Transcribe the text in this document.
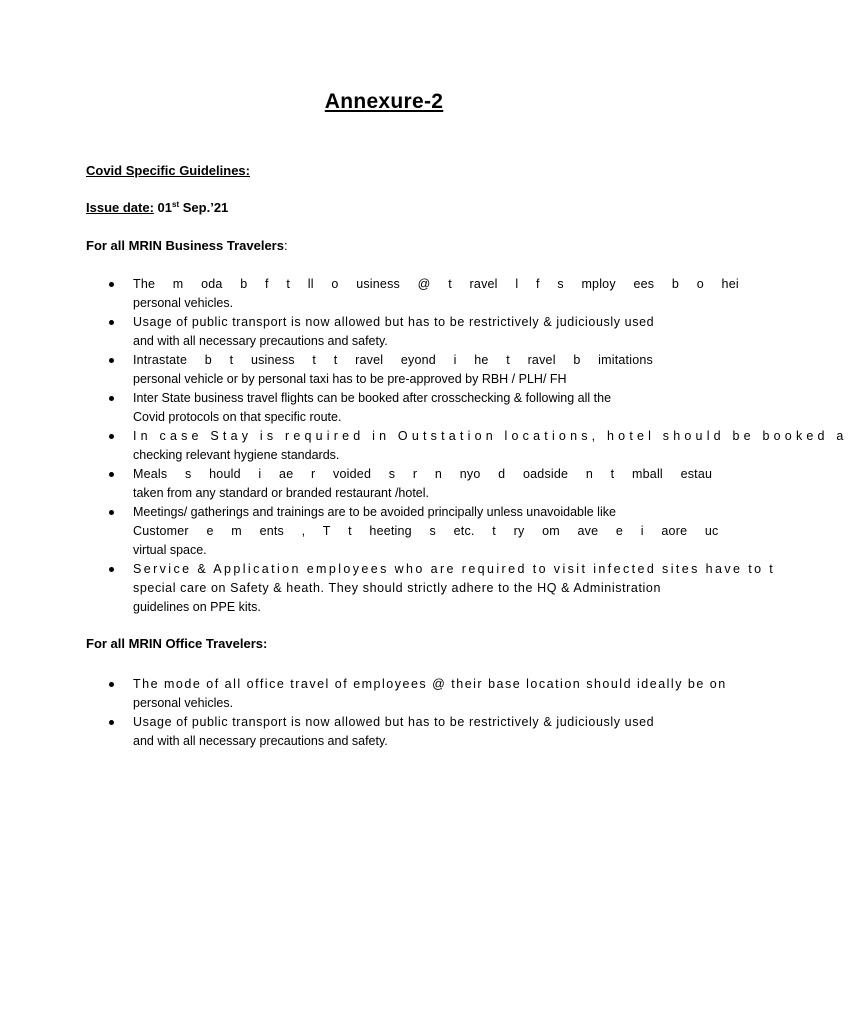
Annexure-2
Covid Specific Guidelines:
Issue date: 01st Sep.’21
For all MRIN Business Travelers:
The m oda b f t ll o usiness @ t ravel l f s mploy ees b o hei
personal vehicles.
Usage of public transport is now allowed but has to be restrictively & judiciously used
and with all necessary precautions and safety.
Intrastate b t usiness t t ravel eyond i he t ravel b imitations
personal vehicle or by personal taxi has to be pre-approved by RBH / PLH/ FH
Inter State business travel flights can be booked after crosschecking & following all the
Covid protocols on that specific route.
In case Stay is required in Outstation locations, hotel should be booked a
checking relevant hygiene standards.
Meals s hould i ae r voided s r n nyo d oadside n t mball estau
taken from any standard or branded restaurant /hotel.
Meetings/ gatherings and trainings are to be avoided principally unless unavoidable like
Customer e m ents , T t heeting s etc. t ry om ave e i aore uc
virtual space.
Service & Application employees who are required to visit infected sites have to t
special care on Safety & heath. They should strictly adhere to the HQ & Administration
guidelines on PPE kits.
For all MRIN Office Travelers:
The mode of all office travel of employees @ their base location should ideally be on
personal vehicles.
Usage of public transport is now allowed but has to be restrictively & judiciously used
and with all necessary precautions and safety.
